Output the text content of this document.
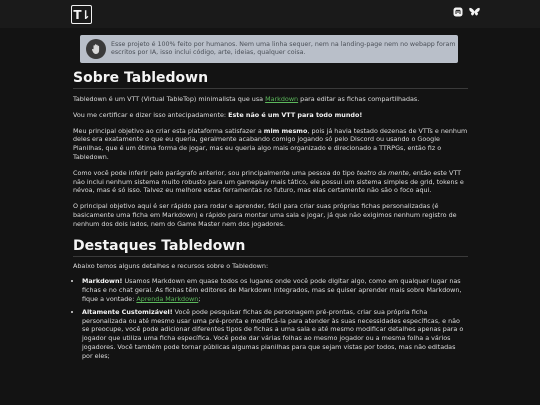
T⇂

Esse projeto é 100% feito por humanos. Nem uma linha sequer, nem na landing-page nem no webapp foram escritos por IA, isso inclui código, arte, ideias, qualquer coisa.

Sobre Tabledown

Tabledown é um VTT (Virtual TableTop) minimalista que usa Markdown para editar as fichas compartilhadas.

Vou me certificar e dizer isso antecipadamente: Este não é um VTT para todo mundo!

Meu principal objetivo ao criar esta plataforma satisfazer a mim mesmo, pois já havia testado dezenas de VTTs e nenhum deles era exatamente o que eu queria, geralmente acabando comigo jogando só pelo Discord ou usando o Google Planilhas, que é um ótima forma de jogar, mas eu queria algo mais organizado e direcionado a TTRPGs, então fiz o Tabledown.

Como você pode inferir pelo parágrafo anterior, sou principalmente uma pessoa do tipo teatro da mente, então este VTT não inclui nenhum sistema muito robusto para um gameplay mais tático, ele possui um sistema simples de grid, tokens e névoa, mas é só isso. Talvez eu melhore estas ferramentas no futuro, mas elas certamente não são o foco aqui.

O principal objetivo aqui é ser rápido para rodar e aprender, fácil para criar suas próprias fichas personalizadas (é basicamente uma ficha em Markdown) e rápido para montar uma sala e jogar, já que não exigimos nenhum registro de nenhum dos dois lados, nem do Game Master nem dos jogadores.

Destaques Tabledown

Abaixo temos alguns detalhes e recursos sobre o Tabledown:

• Markdown! Usamos Markdown em quase todos os lugares onde você pode digitar algo, como em qualquer lugar nas fichas e no chat geral. As fichas têm editores de Markdown integrados, mas se quiser aprender mais sobre Markdown, fique a vontade: Aprenda Markdown;
• Altamente Customizável! Você pode pesquisar fichas de personagem pré-prontas, criar sua própria ficha personalizada ou até mesmo usar uma pré-pronta e modificá-la para atender às suas necessidades específicas, e não se preocupe, você pode adicionar diferentes tipos de fichas a uma sala e até mesmo modificar detalhes apenas para o jogador que utiliza uma ficha específica. Você pode dar várias folhas ao mesmo jogador ou a mesma folha a vários jogadores. Você também pode tornar públicas algumas planilhas para que sejam vistas por todos, mas não editadas por eles;
